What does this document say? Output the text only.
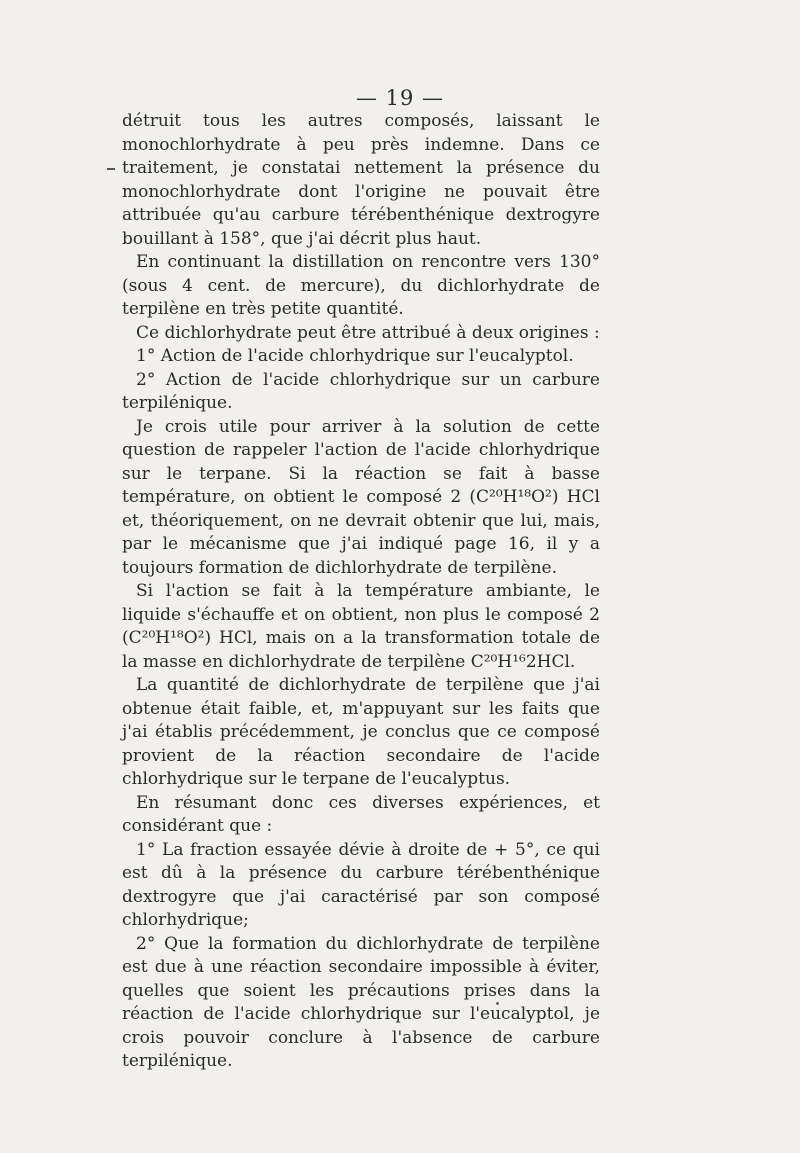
— 19 —

détruit tous les autres composés, laissant le monochlorhydrate à peu près indemne. Dans ce traitement, je constatai nettement la présence du monochlorhydrate dont l'origine ne pouvait être attribuée qu'au carbure térébenthénique dextrogyre bouillant à 158°, que j'ai décrit plus haut.

En continuant la distillation on rencontre vers 130° (sous 4 cent. de mercure), du dichlorhydrate de terpilène en très petite quantité.

Ce dichlorhydrate peut être attribué à deux origines :

1° Action de l'acide chlorhydrique sur l'eucalyptol.

2° Action de l'acide chlorhydrique sur un carbure terpilénique.

Je crois utile pour arriver à la solution de cette question de rappeler l'action de l'acide chlorhydrique sur le terpane. Si la réaction se fait à basse température, on obtient le composé 2 (C²⁰H¹⁸O²) HCl et, théoriquement, on ne devrait obtenir que lui, mais, par le mécanisme que j'ai indiqué page 16, il y a toujours formation de dichlorhydrate de terpilène.

Si l'action se fait à la température ambiante, le liquide s'échauffe et on obtient, non plus le composé 2 (C²⁰H¹⁸O²) HCl, mais on a la transformation totale de la masse en dichlorhydrate de terpilène C²⁰H¹⁶2HCl.

La quantité de dichlorhydrate de terpilène que j'ai obtenue était faible, et, m'appuyant sur les faits que j'ai établis précédemment, je conclus que ce composé provient de la réaction secondaire de l'acide chlorhydrique sur le terpane de l'eucalyptus.

En résumant donc ces diverses expériences, et considérant que :

1° La fraction essayée dévie à droite de + 5°, ce qui est dû à la présence du carbure térébenthénique dextrogyre que j'ai caractérisé par son composé chlorhydrique;

2° Que la formation du dichlorhydrate de terpilène est due à une réaction secondaire impossible à éviter, quelles que soient les précautions prises dans la réaction de l'acide chlorhydrique sur l'eucalyptol, je crois pouvoir conclure à l'absence de carbure terpilénique.
